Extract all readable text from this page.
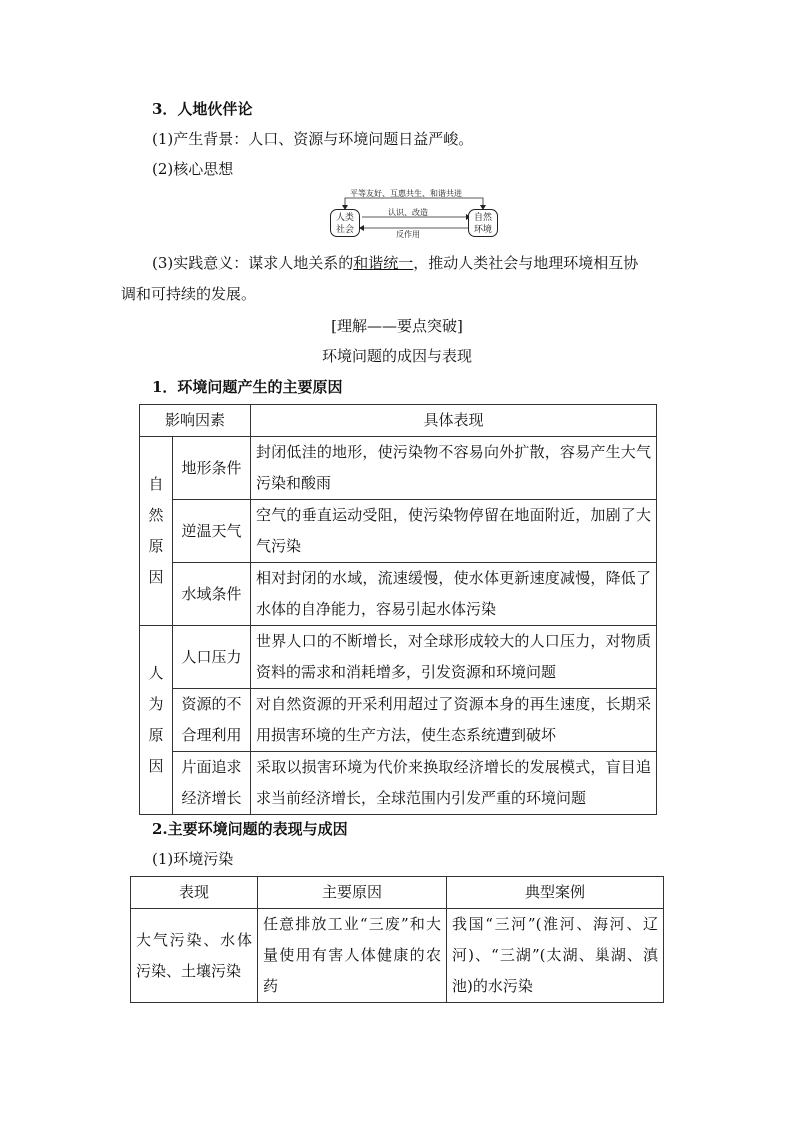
3．人地伙伴论
(1)产生背景：人口、资源与环境问题日益严峻。
(2)核心思想
平等友好、互惠共生、和谐共进
认识、改造
反作用
人类
社会
自然
环境
(3)实践意义：谋求人地关系的和谐统一，推动人类社会与地理环境相互协
调和可持续的发展。
[理解——要点突破]
环境问题的成因与表现
1．环境问题产生的主要原因
影响因素		具体表现

自
然
原
因	地形条件	封闭低洼的地形，使污染物不容易向外扩散，容易产生大气污染和酸雨
	逆温天气	空气的垂直运动受阻，使污染物停留在地面附近，加剧了大气污染
	水域条件	相对封闭的水域，流速缓慢，使水体更新速度减慢，降低了水体的自净能力，容易引起水体污染

人
为
原
因	人口压力	世界人口的不断增长，对全球形成较大的人口压力，对物质资料的需求和消耗增多，引发资源和环境问题
	资源的不合理利用	对自然资源的开采利用超过了资源本身的再生速度，长期采用损害环境的生产方法，使生态系统遭到破坏
	片面追求经济增长	采取以损害环境为代价来换取经济增长的发展模式，盲目追求当前经济增长，全球范围内引发严重的环境问题
2.主要环境问题的表现与成因
(1)环境污染
表现	主要原因	典型案例
大气污染、水体污染、土壤污染	任意排放工业“三废”和大量使用有害人体健康的农药	我国“三河”(淮河、海河、辽河)、“三湖”(太湖、巢湖、滇池)的水污染
